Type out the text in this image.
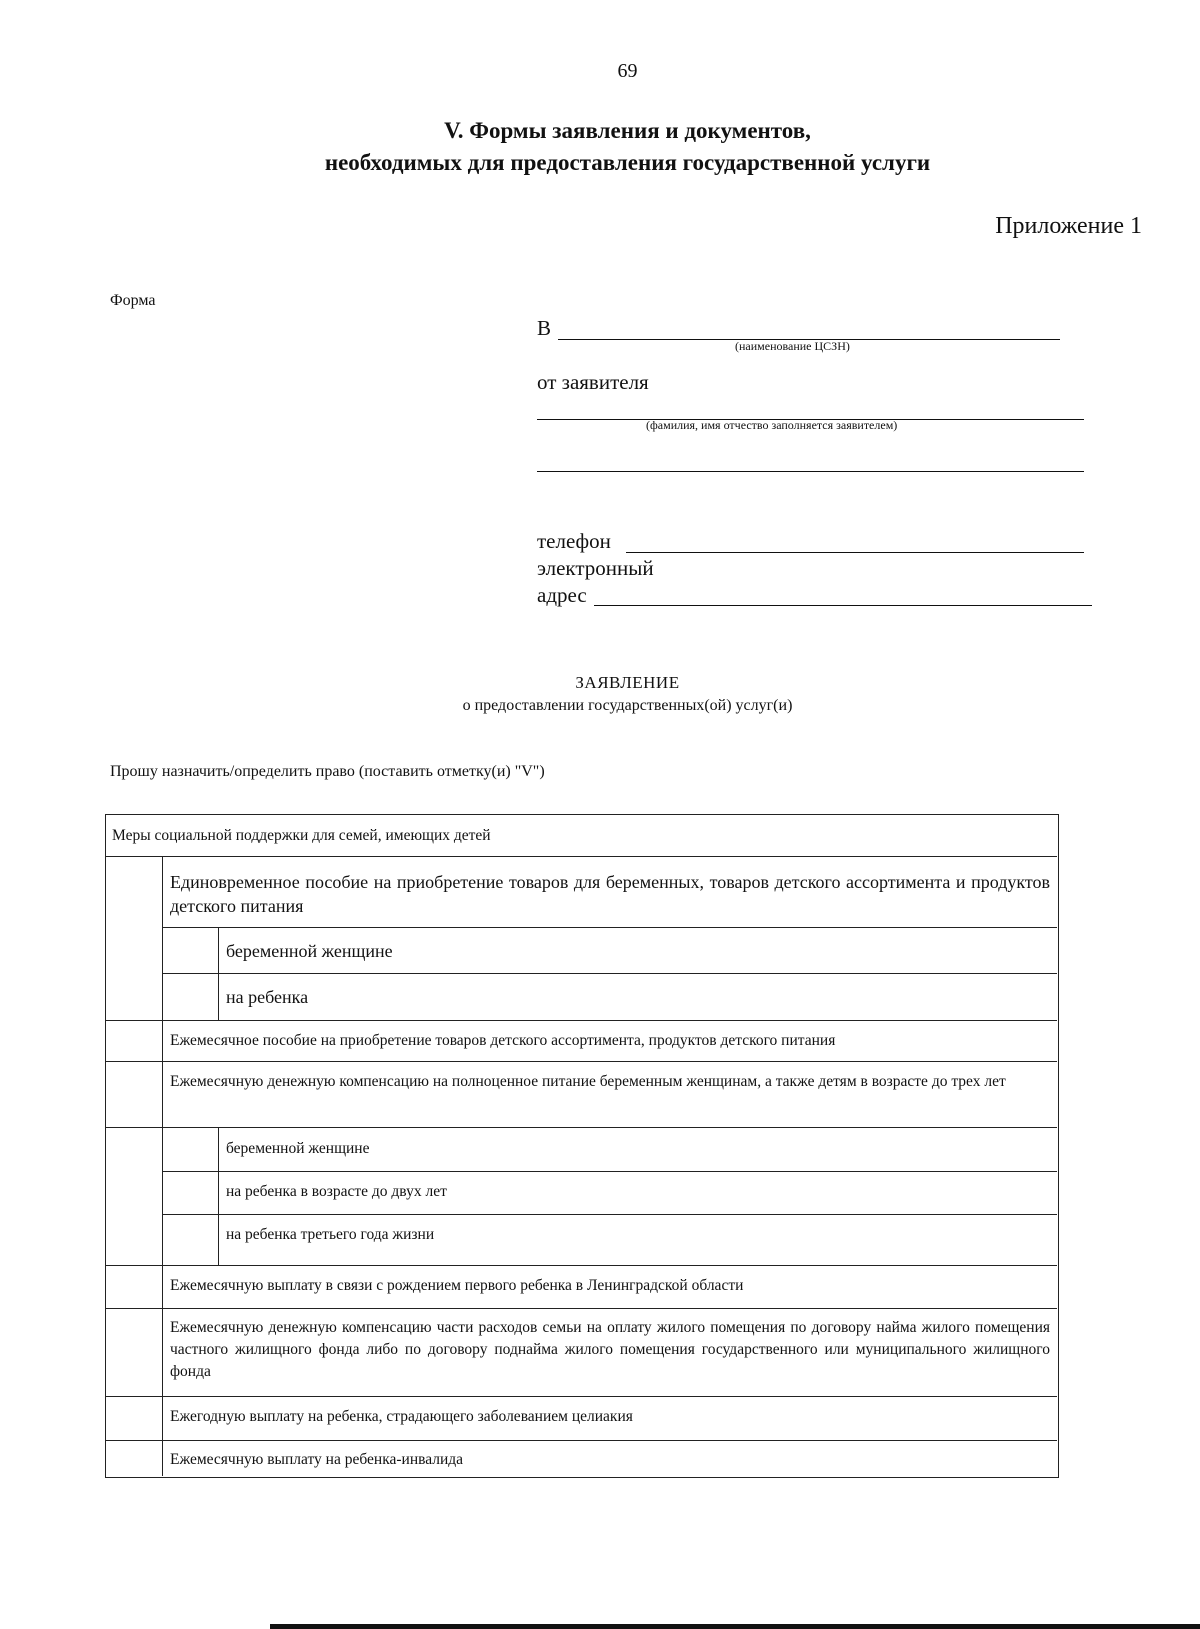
69
V. Формы заявления и документов,
необходимых для предоставления государственной услуги
Приложение 1
Форма
В
(наименование ЦСЗН)
от заявителя
(фамилия, имя отчество заполняется заявителем)
телефон
электронный
адрес
ЗАЯВЛЕНИЕ
о предоставлении государственных(ой) услуг(и)
Прошу назначить/определить право (поставить отметку(и) "V")
Меры социальной поддержки для семей, имеющих детей
Единовременное пособие на приобретение товаров для беременных, товаров детского ассортимента и продуктов детского питания
беременной женщине
на ребенка
Ежемесячное пособие на приобретение товаров детского ассортимента, продуктов детского питания
Ежемесячную денежную компенсацию на полноценное питание беременным женщинам, а также детям в возрасте до трех лет
беременной женщине
на ребенка в возрасте до двух лет
на ребенка третьего года жизни
Ежемесячную выплату в связи с рождением первого ребенка в Ленинградской области
Ежемесячную денежную компенсацию части расходов семьи на оплату жилого помещения по договору найма жилого помещения частного жилищного фонда либо по договору поднайма жилого помещения государственного или муниципального жилищного фонда
Ежегодную выплату на ребенка, страдающего заболеванием целиакия
Ежемесячную выплату на ребенка-инвалида
